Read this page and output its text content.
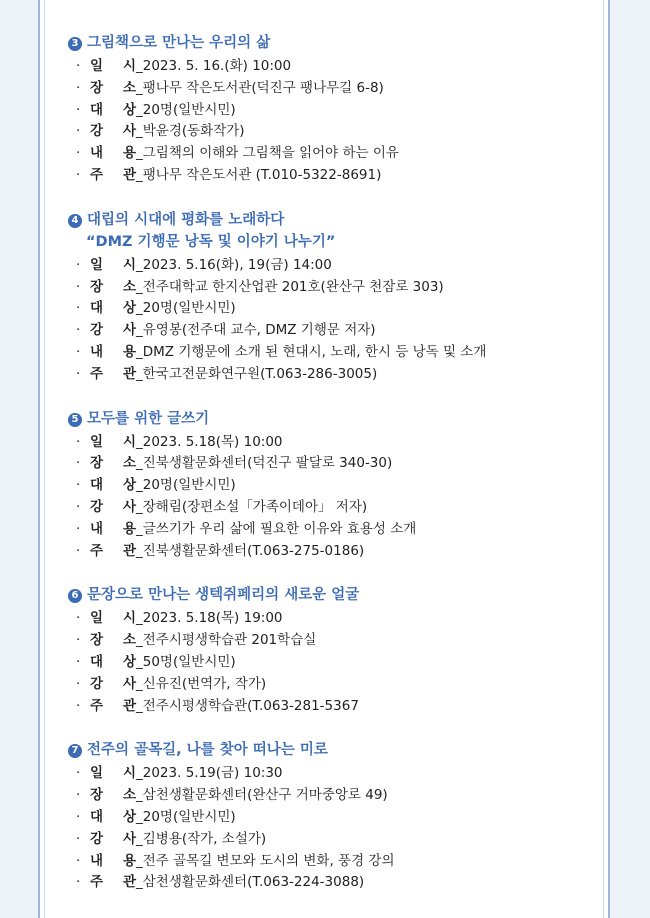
3 그림책으로 만나는 우리의 삶
· 일 시_2023. 5. 16.(화) 10:00
· 장 소_팽나무 작은도서관(덕진구 팽나무길 6-8)
· 대 상_20명(일반시민)
· 강 사_박윤경(동화작가)
· 내 용_그림책의 이해와 그림책을 읽어야 하는 이유
· 주 관_팽나무 작은도서관 (T.010-5322-8691)
4 대립의 시대에 평화를 노래하다
“DMZ 기행문 낭독 및 이야기 나누기”
· 일 시_2023. 5.16(화), 19(금) 14:00
· 장 소_전주대학교 한지산업관 201호(완산구 천잠로 303)
· 대 상_20명(일반시민)
· 강 사_유영봉(전주대 교수, DMZ 기행문 저자)
· 내 용_DMZ 기행문에 소개 된 현대시, 노래, 한시 등 낭독 및 소개
· 주 관_한국고전문화연구원(T.063-286-3005)
5 모두를 위한 글쓰기
· 일 시_2023. 5.18(목) 10:00
· 장 소_진북생활문화센터(덕진구 팔달로 340-30)
· 대 상_20명(일반시민)
· 강 사_장해림(장편소설「가족이데아」 저자)
· 내 용_글쓰기가 우리 삶에 필요한 이유와 효용성 소개
· 주 관_진북생활문화센터(T.063-275-0186)
6 문장으로 만나는 생텍쥐페리의 새로운 얼굴
· 일 시_2023. 5.18(목) 19:00
· 장 소_전주시평생학습관 201학습실
· 대 상_50명(일반시민)
· 강 사_신유진(번역가, 작가)
· 주 관_전주시평생학습관(T.063-281-5367
7 전주의 골목길, 나를 찾아 떠나는 미로
· 일 시_2023. 5.19(금) 10:30
· 장 소_삼천생활문화센터(완산구 거마중앙로 49)
· 대 상_20명(일반시민)
· 강 사_김병용(작가, 소설가)
· 내 용_전주 골목길 변모와 도시의 변화, 풍경 강의
· 주 관_삼천생활문화센터(T.063-224-3088)
